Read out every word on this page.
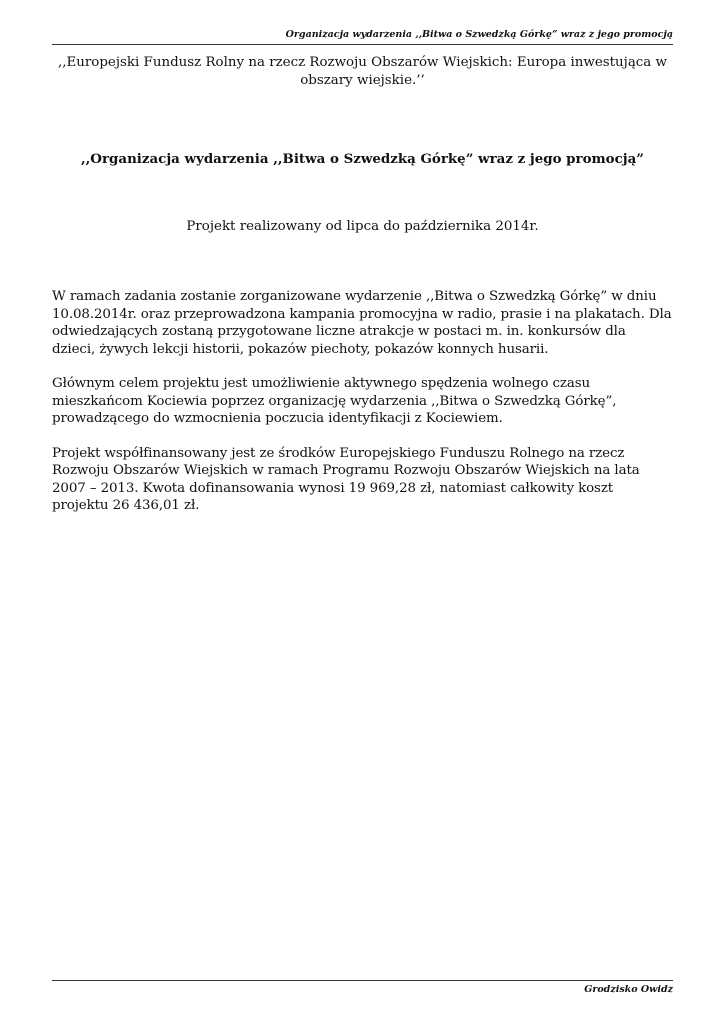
Organizacja wydarzenia ,,Bitwa o Szwedzką Górkę” wraz z jego promocją

,,Europejski Fundusz Rolny na rzecz Rozwoju Obszarów Wiejskich: Europa inwestująca w obszary wiejskie.’’

,,Organizacja wydarzenia ,,Bitwa o Szwedzką Górkę” wraz z jego promocją”

Projekt realizowany od lipca do października 2014r.

W ramach zadania zostanie zorganizowane wydarzenie ,,Bitwa o Szwedzką Górkę” w dniu 10.08.2014r. oraz przeprowadzona kampania promocyjna w radio, prasie i na plakatach. Dla odwiedzających zostaną przygotowane liczne atrakcje w postaci m. in. konkursów dla dzieci, żywych lekcji historii, pokazów piechoty, pokazów konnych husarii.

Głównym celem projektu jest umożliwienie aktywnego spędzenia wolnego czasu mieszkańcom Kociewia poprzez organizację wydarzenia ,,Bitwa o Szwedzką Górkę”, prowadzącego do wzmocnienia poczucia identyfikacji z Kociewiem.

Projekt współfinansowany jest ze środków Europejskiego Funduszu Rolnego na rzecz Rozwoju Obszarów Wiejskich w ramach Programu Rozwoju Obszarów Wiejskich na lata 2007 – 2013. Kwota dofinansowania wynosi 19 969,28 zł, natomiast całkowity koszt projektu 26 436,01 zł.

Grodzisko Owidz
